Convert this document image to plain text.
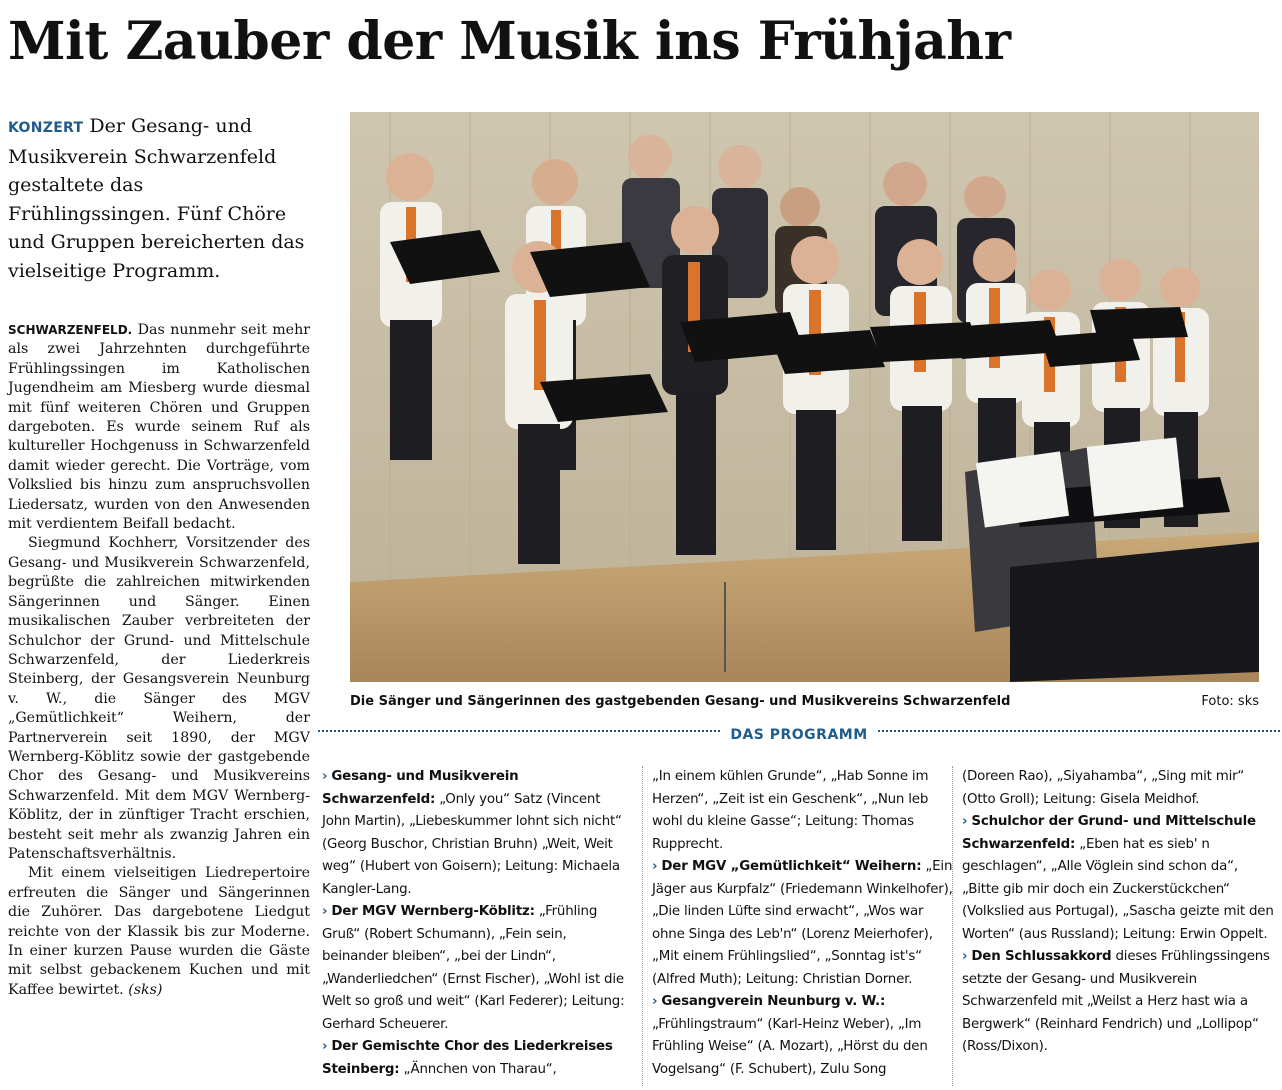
Mit Zauber der Musik ins Frühjahr

KONZERT Der Gesang- und Musikverein Schwarzenfeld gestaltete das Frühlingssingen. Fünf Chöre und Gruppen bereicherten das vielseitige Programm.

SCHWARZENFELD. Das nunmehr seit mehr als zwei Jahrzehnten durchgeführte Frühlingssingen im Katholischen Jugendheim am Miesberg wurde diesmal mit fünf weiteren Chören und Gruppen dargeboten. Es wurde seinem Ruf als kultureller Hochgenuss in Schwarzenfeld damit wieder gerecht. Die Vorträge, vom Volkslied bis hinzu zum anspruchsvollen Liedersatz, wurden von den Anwesenden mit verdientem Beifall bedacht.

Siegmund Kochherr, Vorsitzender des Gesang- und Musikverein Schwarzenfeld, begrüßte die zahlreichen mitwirkenden Sängerinnen und Sänger. Einen musikalischen Zauber verbreiteten der Schulchor der Grund- und Mittelschule Schwarzenfeld, der Liederkreis Steinberg, der Gesangsverein Neunburg v. W., die Sänger des MGV „Gemütlichkeit“ Weihern, der Partnerverein seit 1890, der MGV Wernberg-Köblitz sowie der gastgebende Chor des Gesang- und Musikvereins Schwarzenfeld. Mit dem MGV Wernberg-Köblitz, der in zünftiger Tracht erschien, besteht seit mehr als zwanzig Jahren ein Patenschaftsverhältnis.

Mit einem vielseitigen Liedrepertoire erfreuten die Sänger und Sängerinnen die Zuhörer. Das dargebotene Liedgut reichte von der Klassik bis zur Moderne. In einer kurzen Pause wurden die Gäste mit selbst gebackenem Kuchen und mit Kaffee bewirtet. (sks)

Die Sänger und Sängerinnen des gastgebenden Gesang- und Musikvereins Schwarzenfeld	Foto: sks
DAS PROGRAMM

› Gesang- und Musikverein Schwarzenfeld: „Only you“ Satz (Vincent John Martin), „Liebeskummer lohnt sich nicht“ (Georg Buschor, Christian Bruhn) „Weit, Weit weg“ (Hubert von Goisern); Leitung: Michaela Kangler-Lang.

› Der MGV Wernberg-Köblitz: „Frühling Gruß“ (Robert Schumann), „Fein sein, beinander bleiben“, „bei der Lindn“, „Wanderliedchen“ (Ernst Fischer), „Wohl ist die Welt so groß und weit“ (Karl Federer); Leitung: Gerhard Scheuerer.

› Der Gemischte Chor des Liederkreises Steinberg: „Ännchen von Tharau“,

„In einem kühlen Grunde“, „Hab Sonne im Herzen“, „Zeit ist ein Geschenk“, „Nun leb wohl du kleine Gasse“; Leitung: Thomas Rupprecht.

› Der MGV „Gemütlichkeit“ Weihern: „Ein Jäger aus Kurpfalz“ (Friedemann Winkelhofer), „Die linden Lüfte sind erwacht“, „Wos war ohne Singa des Leb'n“ (Lorenz Meierhofer), „Mit einem Frühlingslied“, „Sonntag ist's“ (Alfred Muth); Leitung: Christian Dorner.

› Gesangverein Neunburg v. W.: „Frühlingstraum“ (Karl-Heinz Weber), „Im Frühling Weise“ (A. Mozart), „Hörst du den Vogelsang“ (F. Schubert), Zulu Song

(Doreen Rao), „Siyahamba“, „Sing mit mir“ (Otto Groll); Leitung: Gisela Meidhof.

› Schulchor der Grund- und Mittelschule Schwarzenfeld: „Eben hat es sieb' n geschlagen“, „Alle Vöglein sind schon da“, „Bitte gib mir doch ein Zuckerstückchen“ (Volkslied aus Portugal), „Sascha geizte mit den Worten“ (aus Russland); Leitung: Erwin Oppelt.

› Den Schlussakkord dieses Frühlingssingens setzte der Gesang- und Musikverein Schwarzenfeld mit „Weilst a Herz hast wia a Bergwerk“ (Reinhard Fendrich) und „Lollipop“ (Ross/Dixon).
